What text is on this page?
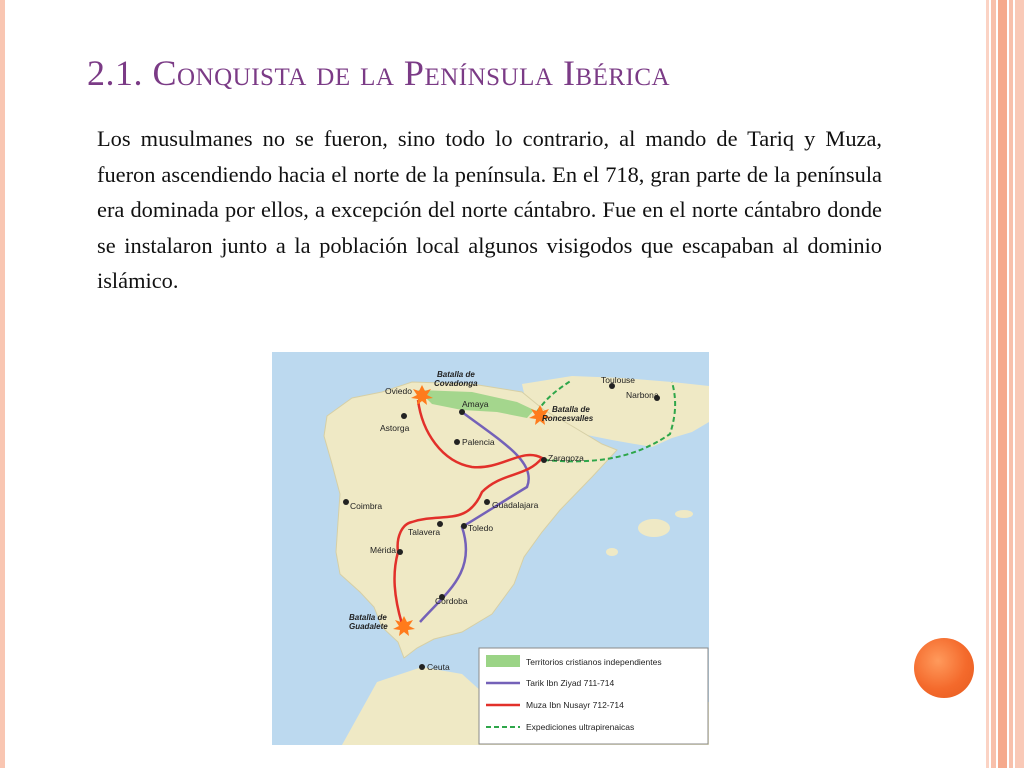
2.1. Conquista de la Península Ibérica
Los musulmanes no se fueron, sino todo lo contrario, al mando de Tariq y Muza, fueron ascendiendo hacia el norte de la península. En el 718, gran parte de la península era dominada por ellos, a excepción del norte cántabro. Fue en el norte cántabro donde se instalaron junto a la población local algunos visigodos que escapaban al dominio islámico.
Batalla de
Covadonga
Batalla de
Roncesvalles
Batalla de
Guadalete
Oviedo
Astorga
Amaya
Palencia
Zaragoza
Toulouse
Narbona
Coimbra	Guadalajara
Talavera	Toledo
Mérida
Córdoba
Ceuta	Territorios cristianos independientes
Tarik Ibn Ziyad 711-714
Muza Ibn Nusayr 712-714
Expediciones ultrapirenaicas
